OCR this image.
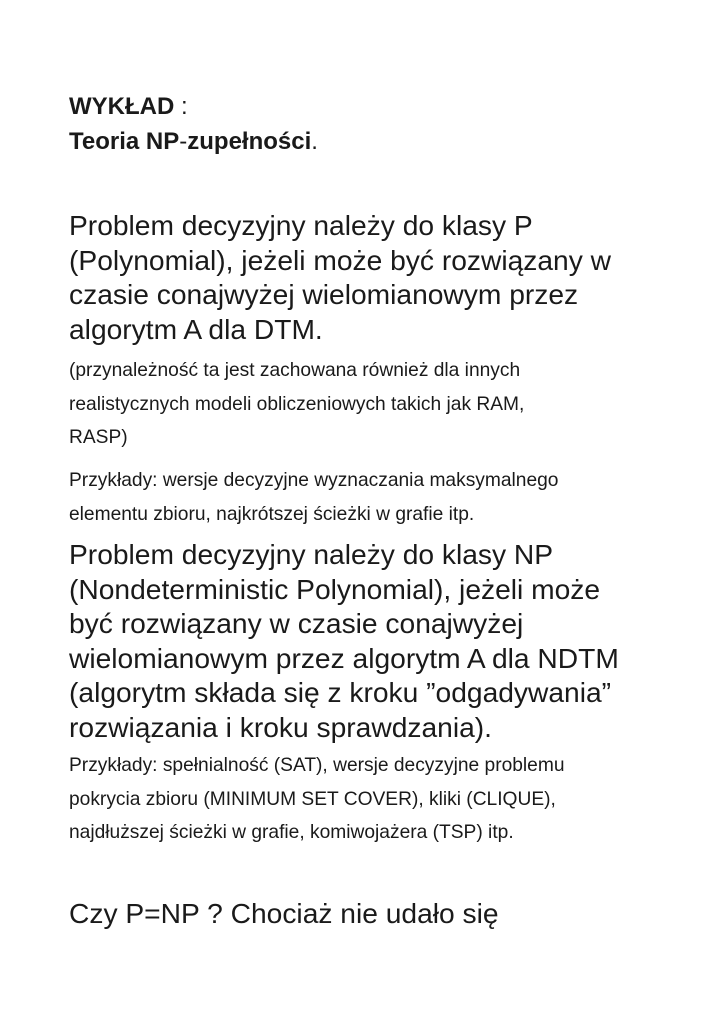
WYKŁAD :
Teoria NP-zupełności.

Problem decyzyjny należy do klasy P
(Polynomial), jeżeli może być rozwiązany w
czasie conajwyżej wielomianowym przez
algorytm A dla DTM.

(przynależność ta jest zachowana również dla innych
realistycznych modeli obliczeniowych takich jak RAM,
RASP)

Przykłady: wersje decyzyjne wyznaczania maksymalnego
elementu zbioru, najkrótszej ścieżki w grafie itp.

Problem decyzyjny należy do klasy NP
(Nondeterministic Polynomial), jeżeli może
być rozwiązany w czasie conajwyżej
wielomianowym przez algorytm A dla NDTM
(algorytm składa się z kroku ”odgadywania”
rozwiązania i kroku sprawdzania).

Przykłady: spełnialność (SAT), wersje decyzyjne problemu
pokrycia zbioru (MINIMUM SET COVER), kliki (CLIQUE),
najdłuższej ścieżki w grafie, komiwojażera (TSP) itp.

Czy P=NP ? Chociaż nie udało się
